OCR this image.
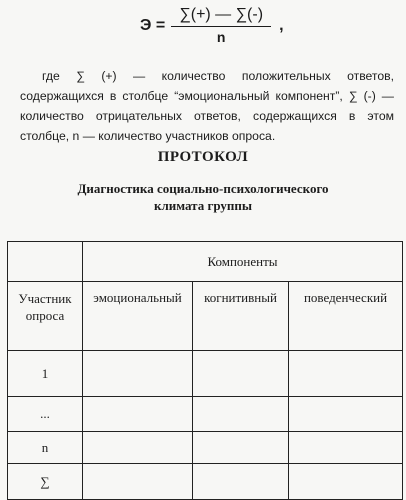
$Э = \frac{\sum(+) — \sum(-)}{n}$ ,
где ∑ (+) — количество положительных ответов, содержащихся в столбце “эмоциональный компонент”, ∑ (-) — количество отрицательных ответов, содержащихся в этом столбце, n — количество участников опроса.
ПРОТОКОЛ
Диагностика социально-психологического
климата группы
	Компоненты		

Участник
опроса	эмоциональный	когнитивный	поведенческий
1			
...			
n			
∑			
